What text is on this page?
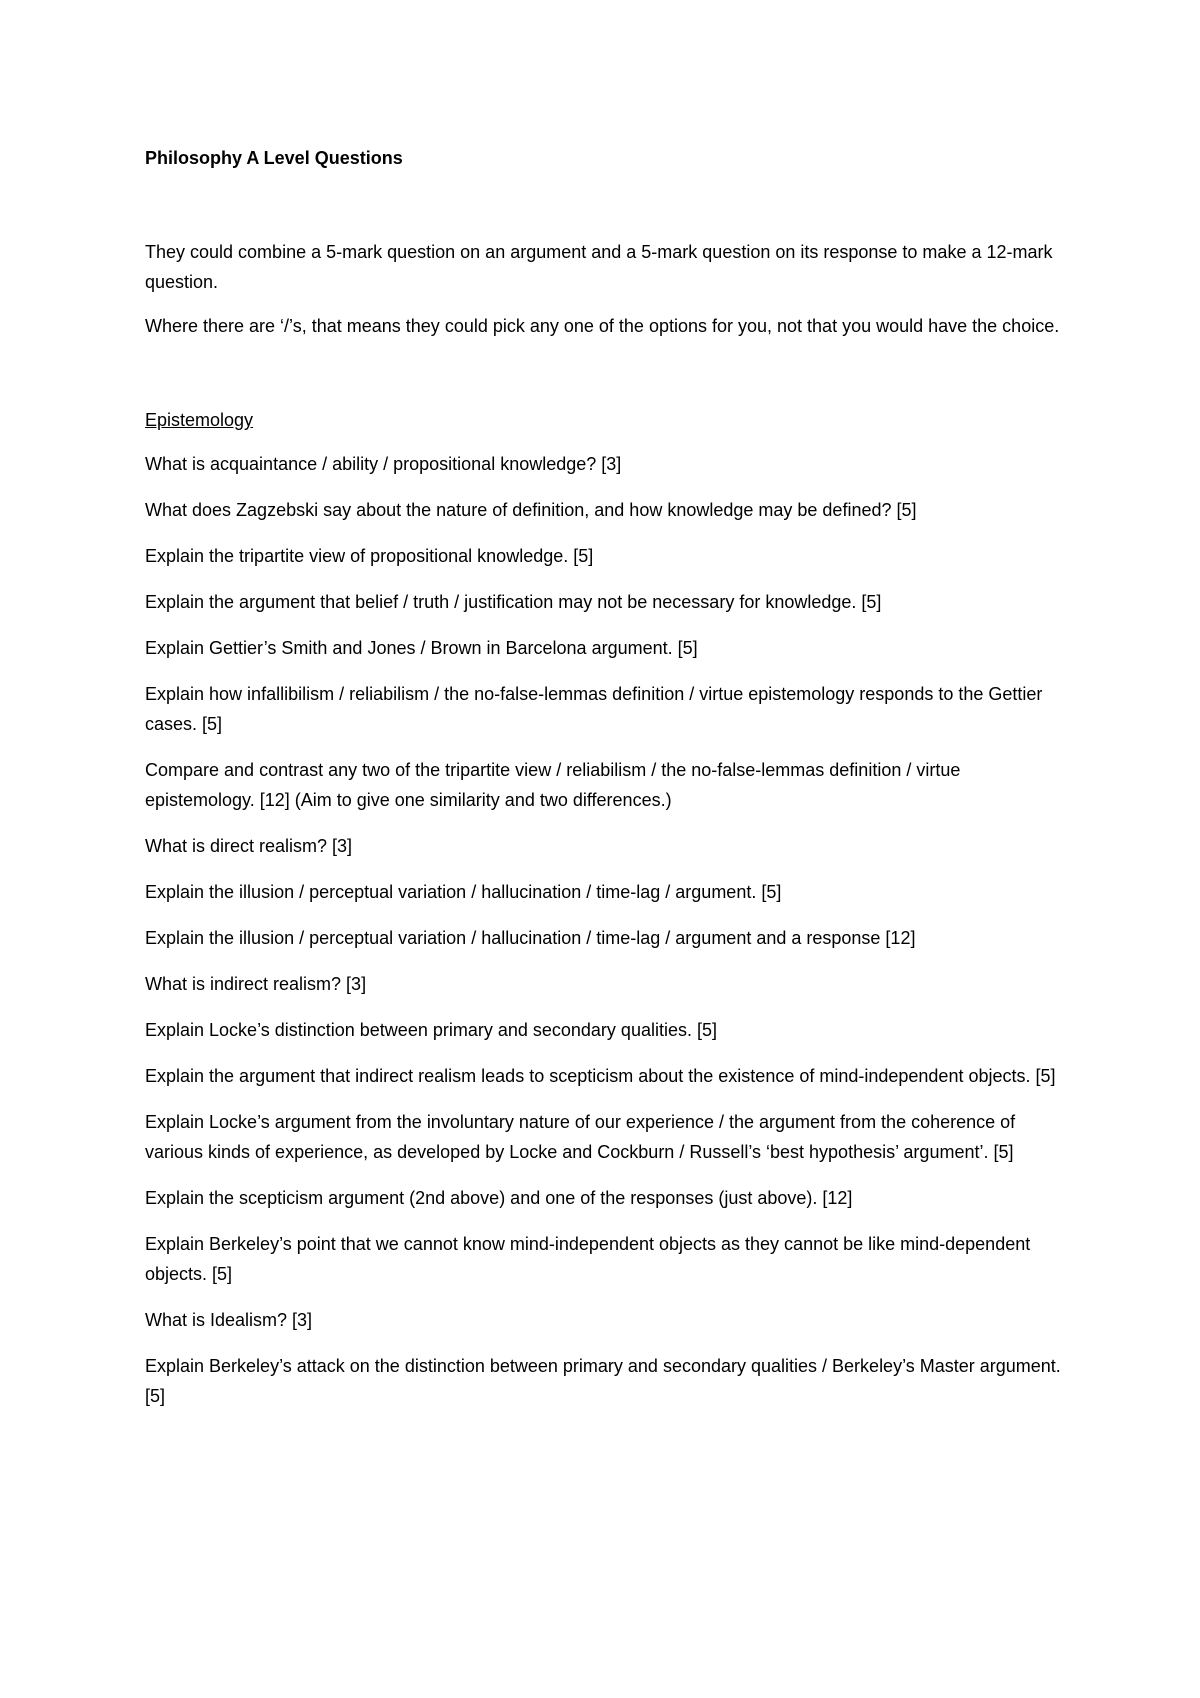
Philosophy A Level Questions

They could combine a 5-mark question on an argument and a 5-mark question on its response to make a 12-mark question.

Where there are ‘/’s, that means they could pick any one of the options for you, not that you would have the choice.

Epistemology

What is acquaintance / ability / propositional knowledge? [3]

What does Zagzebski say about the nature of definition, and how knowledge may be defined? [5]

Explain the tripartite view of propositional knowledge. [5]

Explain the argument that belief / truth / justification may not be necessary for knowledge. [5]

Explain Gettier’s Smith and Jones / Brown in Barcelona argument. [5]

Explain how infallibilism / reliabilism / the no-false-lemmas definition / virtue epistemology responds to the Gettier cases. [5]

Compare and contrast any two of the tripartite view / reliabilism / the no-false-lemmas definition / virtue epistemology. [12] (Aim to give one similarity and two differences.)

What is direct realism? [3]

Explain the illusion / perceptual variation / hallucination / time-lag / argument. [5]

Explain the illusion / perceptual variation / hallucination / time-lag / argument and a response [12]

What is indirect realism? [3]

Explain Locke’s distinction between primary and secondary qualities. [5]

Explain the argument that indirect realism leads to scepticism about the existence of mind-independent objects. [5]

Explain Locke’s argument from the involuntary nature of our experience / the argument from the coherence of various kinds of experience, as developed by Locke and Cockburn / Russell’s ‘best hypothesis’ argument’. [5]

Explain the scepticism argument (2nd above) and one of the responses (just above). [12]

Explain Berkeley’s point that we cannot know mind-independent objects as they cannot be like mind-dependent objects. [5]

What is Idealism? [3]

Explain Berkeley’s attack on the distinction between primary and secondary qualities / Berkeley’s Master argument. [5]
